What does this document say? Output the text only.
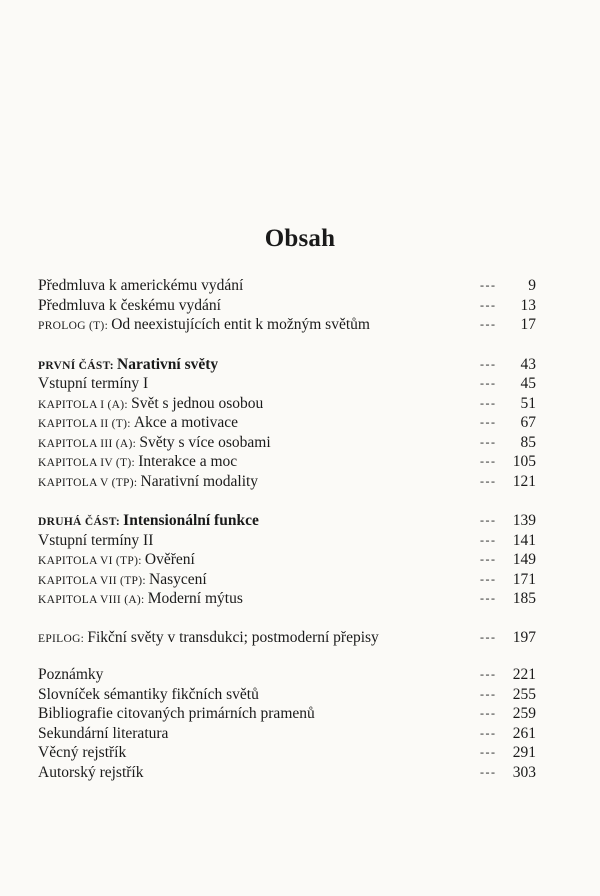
Obsah
Předmluva k americkému vydání	--- 9
Předmluva k českému vydání	--- 13
PROLOG (T): Od neexistujících entit k možným světům	--- 17
PRVNÍ ČÁST: Narativní světy	--- 43
Vstupní termíny I	--- 45
KAPITOLA I (A): Svět s jednou osobou	--- 51
KAPITOLA II (T): Akce a motivace	--- 67
KAPITOLA III (A): Světy s více osobami	--- 85
KAPITOLA IV (T): Interakce a moc	--- 105
KAPITOLA V (TP): Narativní modality	--- 121
DRUHÁ ČÁST: Intensionální funkce	--- 139
Vstupní termíny II	--- 141
KAPITOLA VI (TP): Ověření	--- 149
KAPITOLA VII (TP): Nasycení	--- 171
KAPITOLA VIII (A): Moderní mýtus	--- 185
EPILOG: Fikční světy v transdukci; postmoderní přepisy	--- 197
Poznámky	--- 221
Slovníček sémantiky fikčních světů	--- 255
Bibliografie citovaných primárních pramenů	--- 259
Sekundární literatura	--- 261
Věcný rejstřík	--- 291
Autorský rejstřík	--- 303
